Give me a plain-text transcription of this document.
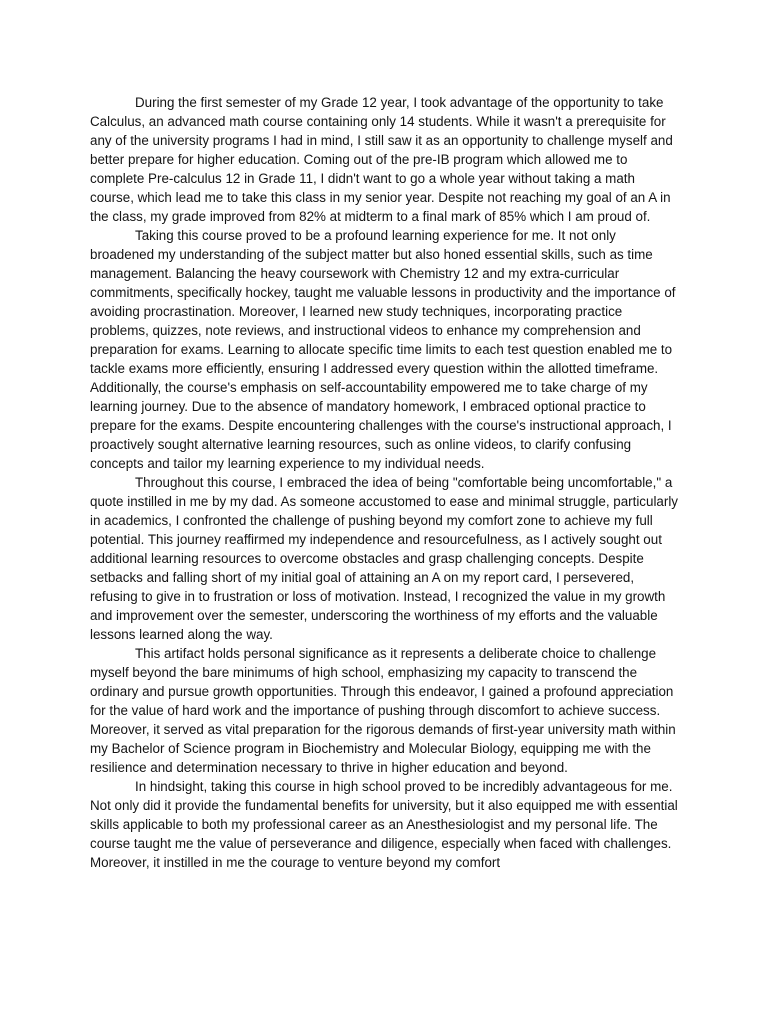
During the first semester of my Grade 12 year, I took advantage of the opportunity to take Calculus, an advanced math course containing only 14 students. While it wasn't a prerequisite for any of the university programs I had in mind, I still saw it as an opportunity to challenge myself and better prepare for higher education. Coming out of the pre-IB program which allowed me to complete Pre-calculus 12 in Grade 11, I didn't want to go a whole year without taking a math course, which lead me to take this class in my senior year. Despite not reaching my goal of an A in the class, my grade improved from 82% at midterm to a final mark of 85% which I am proud of.

Taking this course proved to be a profound learning experience for me. It not only broadened my understanding of the subject matter but also honed essential skills, such as time management. Balancing the heavy coursework with Chemistry 12 and my extra-curricular commitments, specifically hockey, taught me valuable lessons in productivity and the importance of avoiding procrastination. Moreover, I learned new study techniques, incorporating practice problems, quizzes, note reviews, and instructional videos to enhance my comprehension and preparation for exams. Learning to allocate specific time limits to each test question enabled me to tackle exams more efficiently, ensuring I addressed every question within the allotted timeframe. Additionally, the course's emphasis on self-accountability empowered me to take charge of my learning journey. Due to the absence of mandatory homework, I embraced optional practice to prepare for the exams. Despite encountering challenges with the course's instructional approach, I proactively sought alternative learning resources, such as online videos, to clarify confusing concepts and tailor my learning experience to my individual needs.

Throughout this course, I embraced the idea of being "comfortable being uncomfortable," a quote instilled in me by my dad. As someone accustomed to ease and minimal struggle, particularly in academics, I confronted the challenge of pushing beyond my comfort zone to achieve my full potential. This journey reaffirmed my independence and resourcefulness, as I actively sought out additional learning resources to overcome obstacles and grasp challenging concepts. Despite setbacks and falling short of my initial goal of attaining an A on my report card, I persevered, refusing to give in to frustration or loss of motivation. Instead, I recognized the value in my growth and improvement over the semester, underscoring the worthiness of my efforts and the valuable lessons learned along the way.

This artifact holds personal significance as it represents a deliberate choice to challenge myself beyond the bare minimums of high school, emphasizing my capacity to transcend the ordinary and pursue growth opportunities. Through this endeavor, I gained a profound appreciation for the value of hard work and the importance of pushing through discomfort to achieve success. Moreover, it served as vital preparation for the rigorous demands of first-year university math within my Bachelor of Science program in Biochemistry and Molecular Biology, equipping me with the resilience and determination necessary to thrive in higher education and beyond.

In hindsight, taking this course in high school proved to be incredibly advantageous for me. Not only did it provide the fundamental benefits for university, but it also equipped me with essential skills applicable to both my professional career as an Anesthesiologist and my personal life. The course taught me the value of perseverance and diligence, especially when faced with challenges. Moreover, it instilled in me the courage to venture beyond my comfort
